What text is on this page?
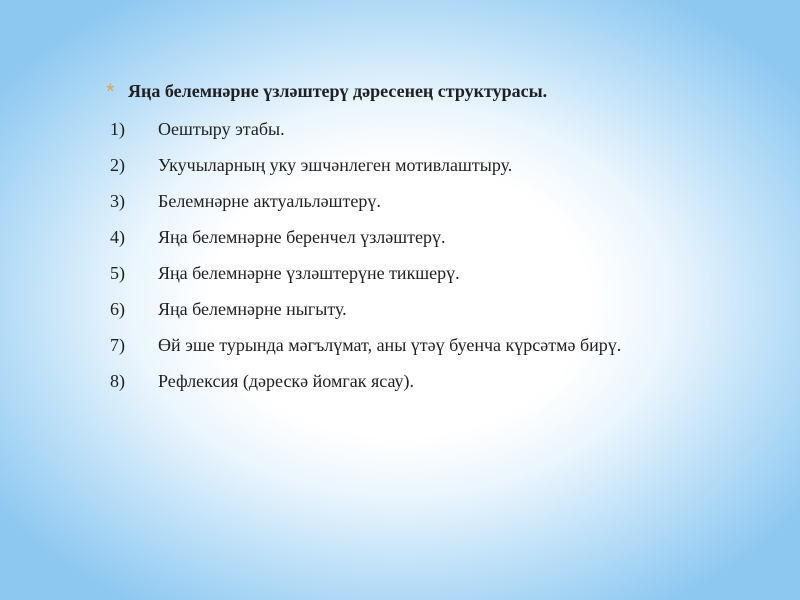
* Яңа белемнәрне үзләштерү дәресенең структурасы.
1) Оештыру этабы.
2) Укучыларның уку эшчәнлеген мотивлаштыру.
3) Белемнәрне актуальләштерү.
4) Яңа белемнәрне беренчел үзләштерү.
5) Яңа белемнәрне үзләштерүне тикшерү.
6) Яңа белемнәрне ныгыту.
7) Өй эше турында мәгълүмат, аны үтәү буенча күрсәтмә бирү.
8) Рефлексия (дәрескә йомгак ясау).
